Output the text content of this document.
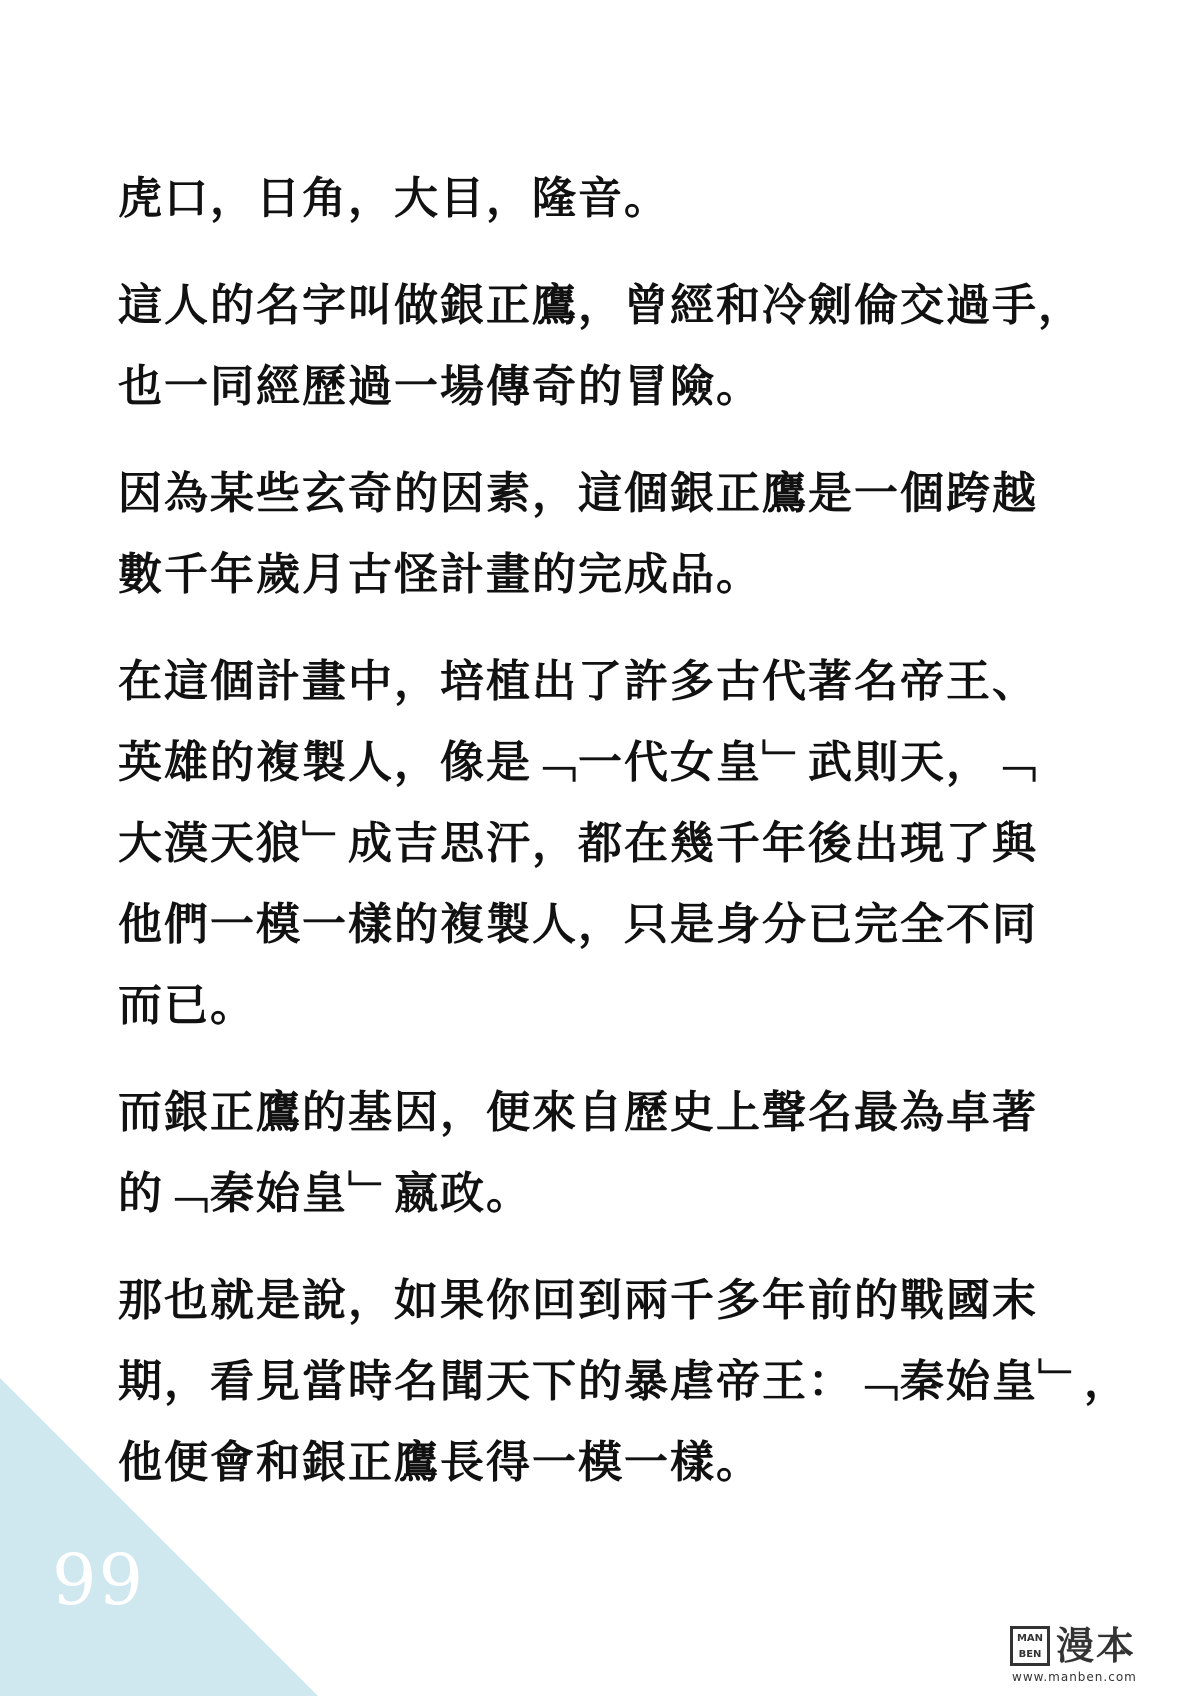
99

虎口，日角，大目，隆音。

這人的名字叫做銀正鷹，曾經和冷劍倫交過手，
也一同經歷過一場傳奇的冒險。

因為某些玄奇的因素，這個銀正鷹是一個跨越
數千年歲月古怪計畫的完成品。

在這個計畫中，培植出了許多古代著名帝王、
英雄的複製人，像是﹁一代女皇﹂武則天，﹁
大漠天狼﹂成吉思汗，都在幾千年後出現了與
他們一模一樣的複製人，只是身分已完全不同
而已。

而銀正鷹的基因，便來自歷史上聲名最為卓著
的﹁秦始皇﹂嬴政。

那也就是說，如果你回到兩千多年前的戰國末
期，看見當時名聞天下的暴虐帝王：﹁秦始皇﹂，
他便會和銀正鷹長得一模一樣。

MAN BEN 漫本
www.manben.com
